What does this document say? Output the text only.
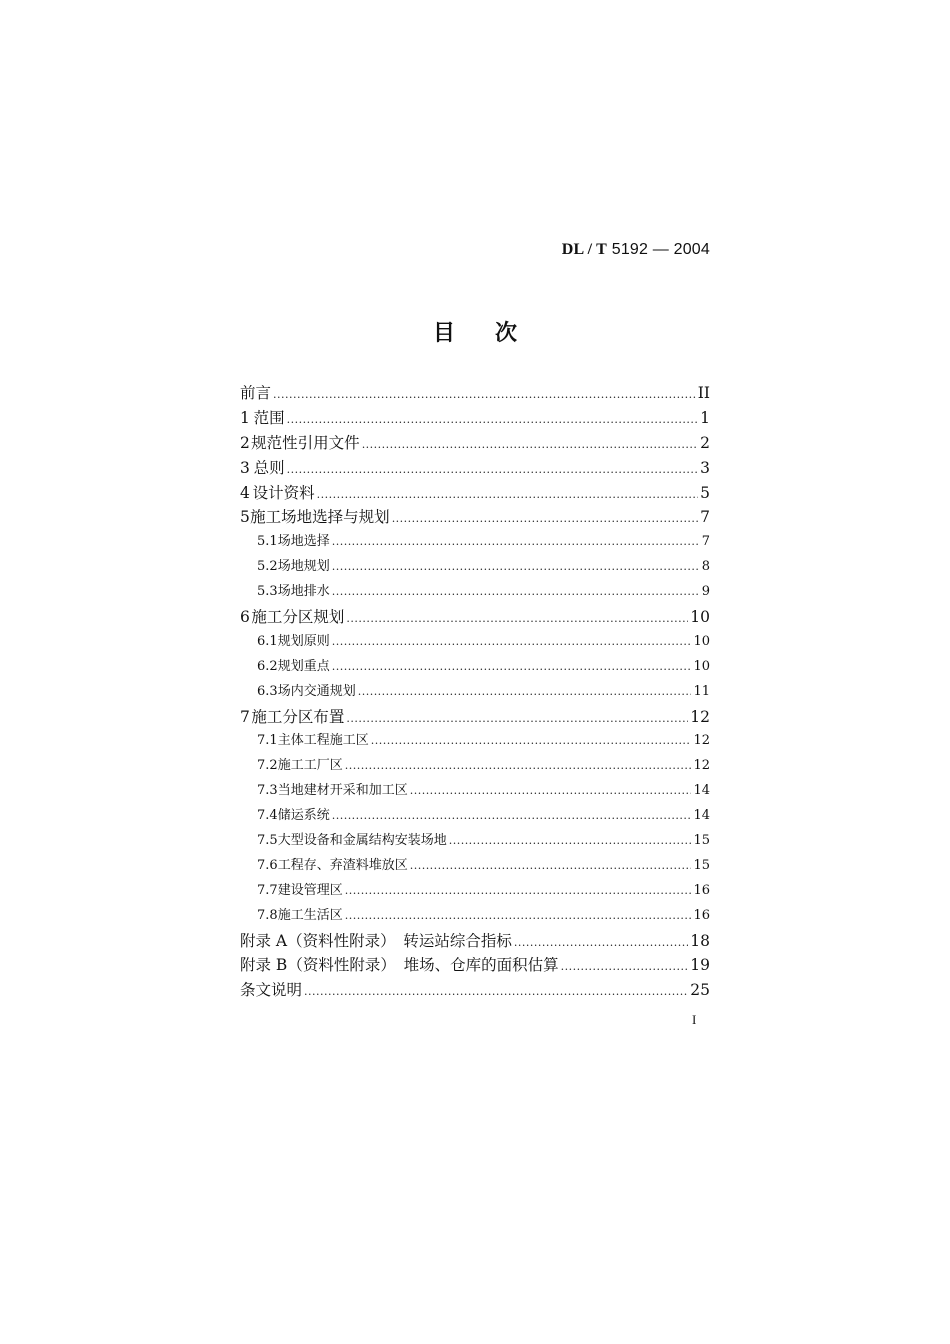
DL / T 5192 — 2004
目次
前言 .....	II
1 范围 .....	1
2 规范性引用文件 .....	2
3 总则 .....	3
4 设计资料 .....	5
5 施工场地选择与规划 .....	7
5.1 场地选择 .....	7
5.2 场地规划 .....	8
5.3 场地排水 .....	9
6 施工分区规划 .....	10
6.1 规划原则 .....	10
6.2 规划重点 .....	10
6.3 场内交通规划 .....	11
7 施工分区布置 .....	12
7.1 主体工程施工区 .....	12
7.2 施工工厂区 .....	12
7.3 当地建材开采和加工区 .....	14
7.4 储运系统 .....	14
7.5 大型设备和金属结构安装场地 .....	15
7.6 工程存、弃渣料堆放区 .....	15
7.7 建设管理区 .....	16
7.8 施工生活区 .....	16
附录 A（资料性附录）　转运站综合指标 .....	18
附录 B（资料性附录）　堆场、仓库的面积估算 .....	19
条文说明 .....	25
I
